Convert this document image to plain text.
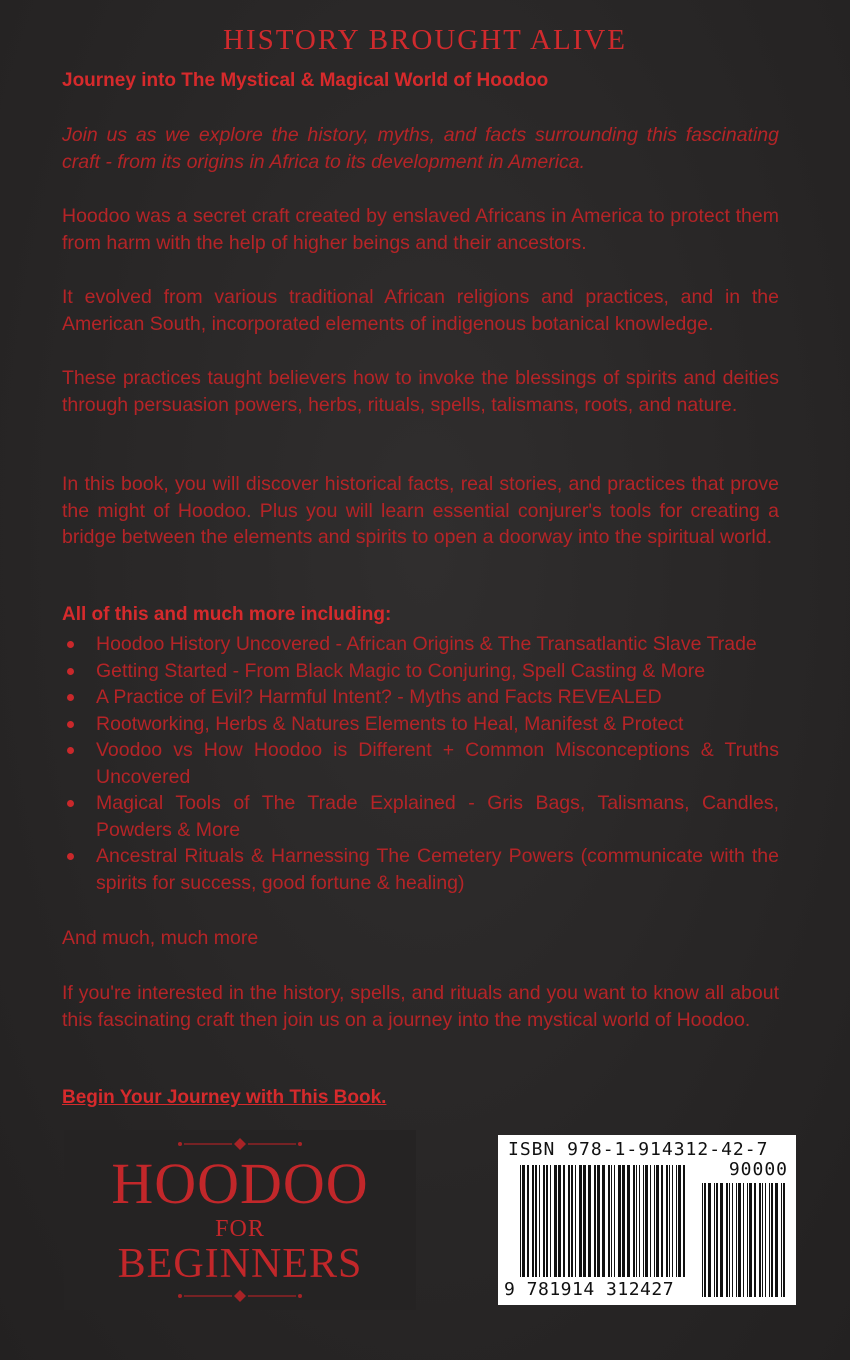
HISTORY BROUGHT ALIVE

Journey into The Mystical & Magical World of Hoodoo

Join us as we explore the history, myths, and facts surrounding this fascinating craft - from its origins in Africa to its development in America.

Hoodoo was a secret craft created by enslaved Africans in America to protect them from harm with the help of higher beings and their ancestors.

It evolved from various traditional African religions and practices, and in the American South, incorporated elements of indigenous botanical knowledge.

These practices taught believers how to invoke the blessings of spirits and deities through persuasion powers, herbs, rituals, spells, talismans, roots, and nature.

In this book, you will discover historical facts, real stories, and practices that prove the might of Hoodoo. Plus you will learn essential conjurer's tools for creating a bridge between the elements and spirits to open a doorway into the spiritual world.

All of this and much more including:

Hoodoo History Uncovered - African Origins & The Transatlantic Slave Trade
Getting Started - From Black Magic to Conjuring, Spell Casting & More
A Practice of Evil? Harmful Intent? - Myths and Facts REVEALED
Rootworking, Herbs & Natures Elements to Heal, Manifest & Protect
Voodoo vs How Hoodoo is Different + Common Misconceptions & Truths Uncovered
Magical Tools of The Trade Explained - Gris Bags, Talismans, Candles, Powders & More
Ancestral Rituals & Harnessing The Cemetery Powers (communicate with the spirits for success, good fortune & healing)

And much, much more

If you're interested in the history, spells, and rituals and you want to know all about this fascinating craft then join us on a journey into the mystical world of Hoodoo.

Begin Your Journey with This Book.

HOODOO

FOR

BEGINNERS

ISBN 978-1-914312-42-7

90000

9 781914 312427
